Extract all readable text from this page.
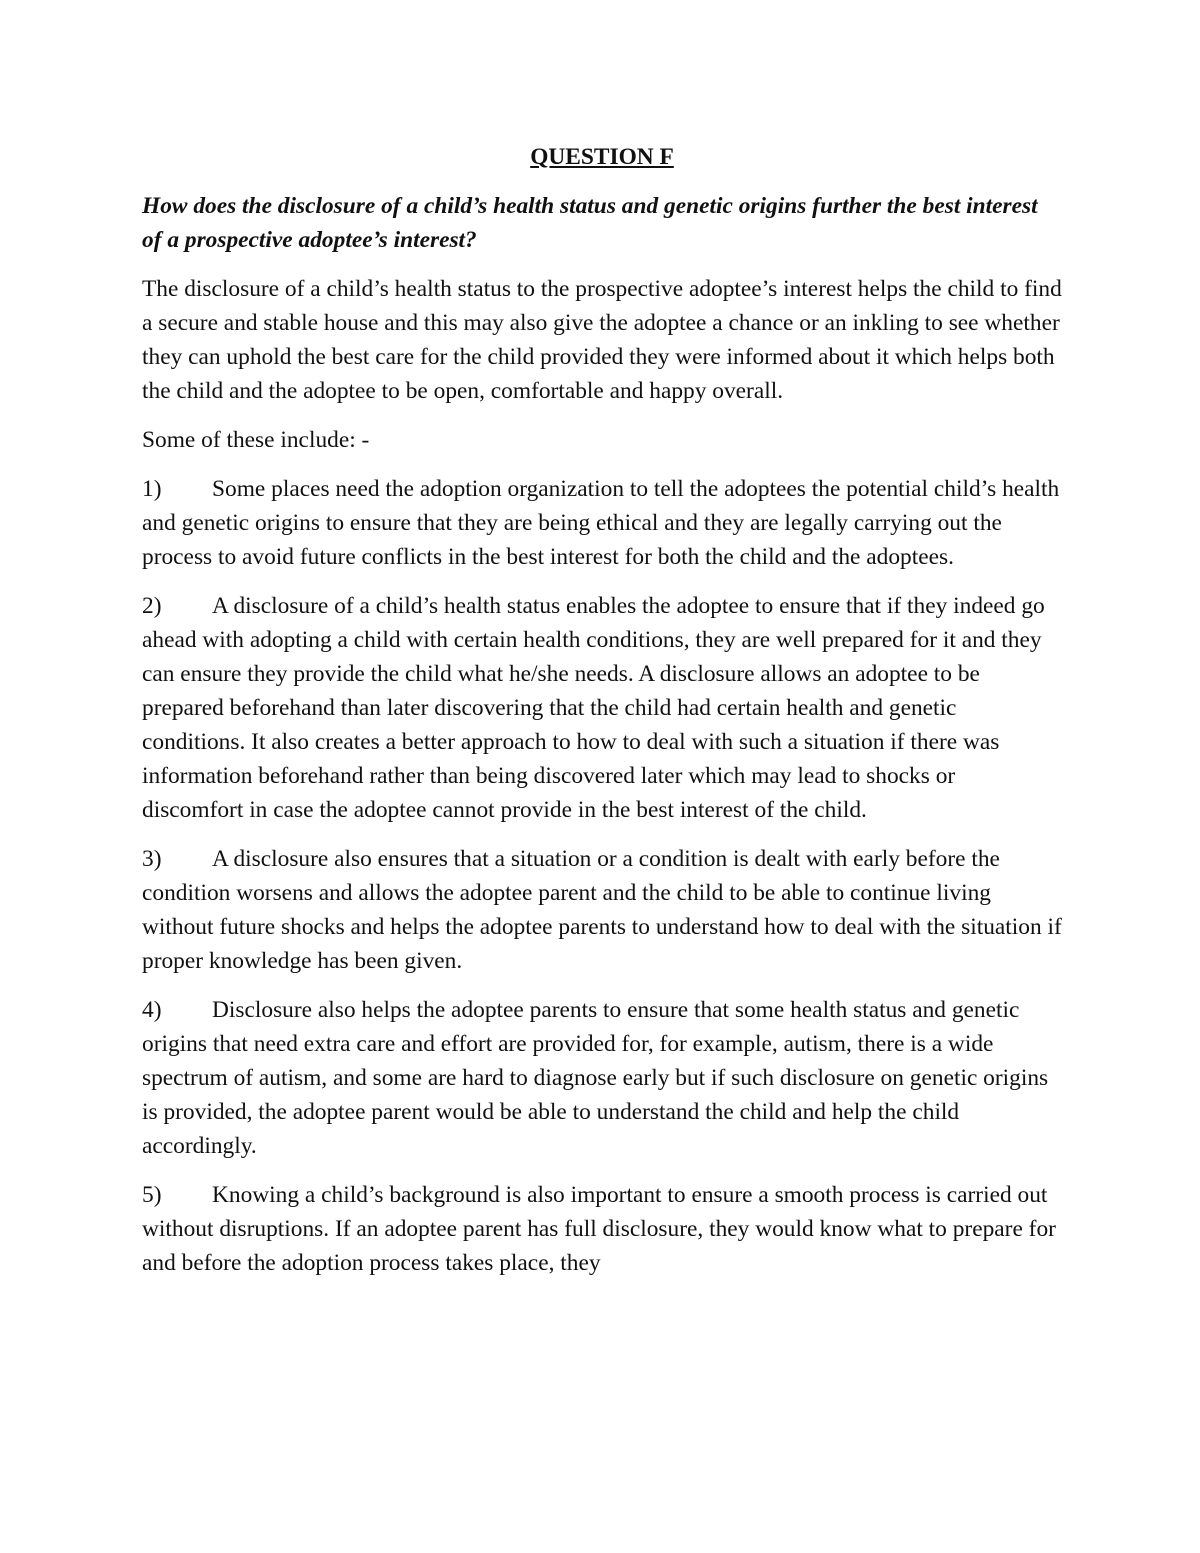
QUESTION F
How does the disclosure of a child’s health status and genetic origins further the best interest of a prospective adoptee’s interest?
The disclosure of a child’s health status to the prospective adoptee’s interest helps the child to find a secure and stable house and this may also give the adoptee a chance or an inkling to see whether they can uphold the best care for the child provided they were informed about it which helps both the child and the adoptee to be open, comfortable and happy overall.
Some of these include: -
1) Some places need the adoption organization to tell the adoptees the potential child’s health and genetic origins to ensure that they are being ethical and they are legally carrying out the process to avoid future conflicts in the best interest for both the child and the adoptees.
2) A disclosure of a child’s health status enables the adoptee to ensure that if they indeed go ahead with adopting a child with certain health conditions, they are well prepared for it and they can ensure they provide the child what he/she needs. A disclosure allows an adoptee to be prepared beforehand than later discovering that the child had certain health and genetic conditions. It also creates a better approach to how to deal with such a situation if there was information beforehand rather than being discovered later which may lead to shocks or discomfort in case the adoptee cannot provide in the best interest of the child.
3) A disclosure also ensures that a situation or a condition is dealt with early before the condition worsens and allows the adoptee parent and the child to be able to continue living without future shocks and helps the adoptee parents to understand how to deal with the situation if proper knowledge has been given.
4) Disclosure also helps the adoptee parents to ensure that some health status and genetic origins that need extra care and effort are provided for, for example, autism, there is a wide spectrum of autism, and some are hard to diagnose early but if such disclosure on genetic origins is provided, the adoptee parent would be able to understand the child and help the child accordingly.
5) Knowing a child’s background is also important to ensure a smooth process is carried out without disruptions. If an adoptee parent has full disclosure, they would know what to prepare for and before the adoption process takes place, they
